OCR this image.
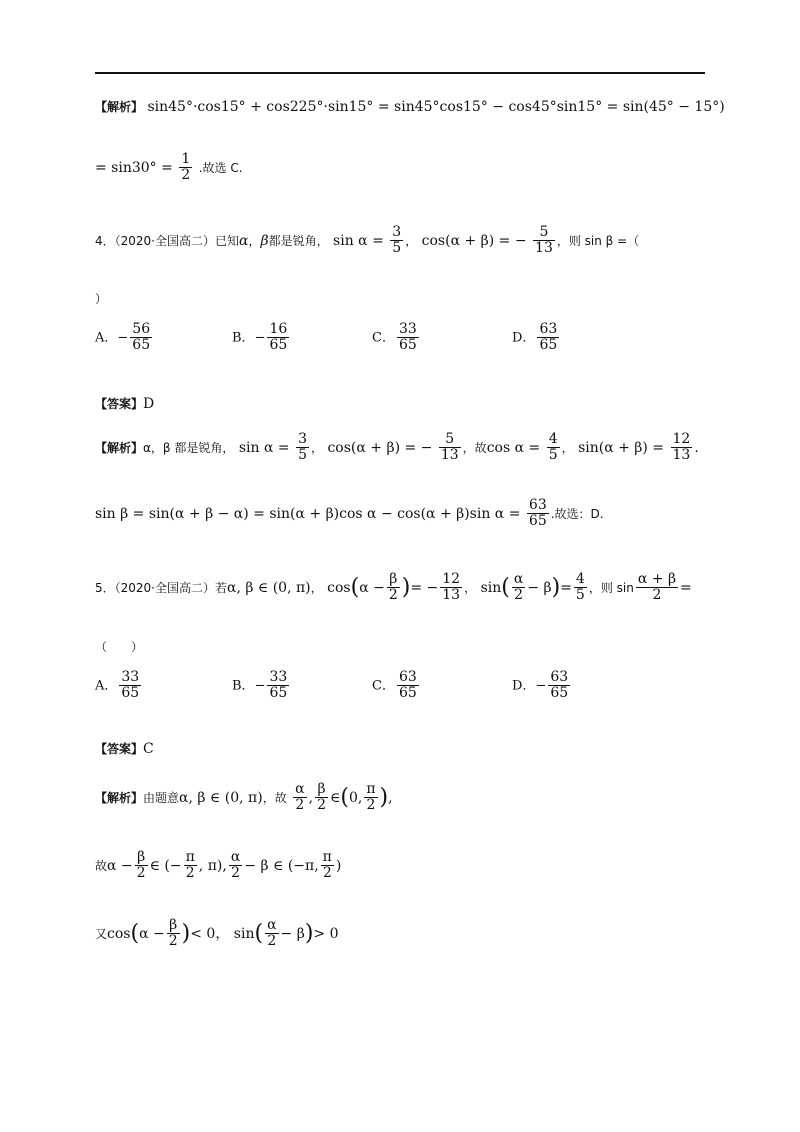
【解析】 sin45°·cos15° + cos225°·sin15° = sin45°cos15° − cos45°sin15° = sin(45° − 15°)
= $\sin 30^\circ = \frac{1}{2}$ .故选 C.
4．（2020·全国高二）已知α，β都是锐角， $\sin \alpha = \frac{3}{5}$ ， cos(α + β) = − $\frac{5}{13}$ ，则 sin β =（
）
A．− $\frac{56}{65}$	B．− $\frac{16}{65}$	C． $\frac{33}{65}$	D． $\frac{63}{65}$
【答案】D
【解析】α，β 都是锐角， $\sin \alpha = \frac{3}{5}$ ， cos(α + β) = − $\frac{5}{13}$ ，故$\cos \alpha = \frac{4}{5}$ ， $\sin(\alpha + \beta) = \frac{12}{13}$ .
sin β = sin(α + β − α) = sin(α + β)cos α − cos(α + β)sin $\alpha = \frac{63}{65}$ .故选：D.
5．（2020·全国高二）若α, β ∈ (0, π)， $\cos(\alpha - \frac{\beta}{2}$ )= − $\frac{12}{13}$ ， $\sin( \frac{\alpha}{2} - \beta)= \frac{4}{5}$ ，则 $\sin \frac{\alpha + \beta}{2}$ =
（　　）
A． $\frac{33}{65}$	B．− $\frac{33}{65}$	C． $\frac{63}{65}$	D．− $\frac{63}{65}$
【答案】C
【解析】由题意α, β ∈ (0, π)，故 $\frac{\alpha}{2}$ , $\frac{\beta}{2}$ ∈(0, $\frac{\pi}{2}$ ),
故$\alpha - \frac{\beta}{2}$ ∈ (− $\frac{\pi}{2}$ , π), $\frac{\alpha}{2} - \beta$ ∈ (−π, $\frac{\pi}{2}$ )
又$\cos(\alpha - \frac{\beta}{2}$ )< 0， $\sin( \frac{\alpha}{2} - \beta)> 0$
